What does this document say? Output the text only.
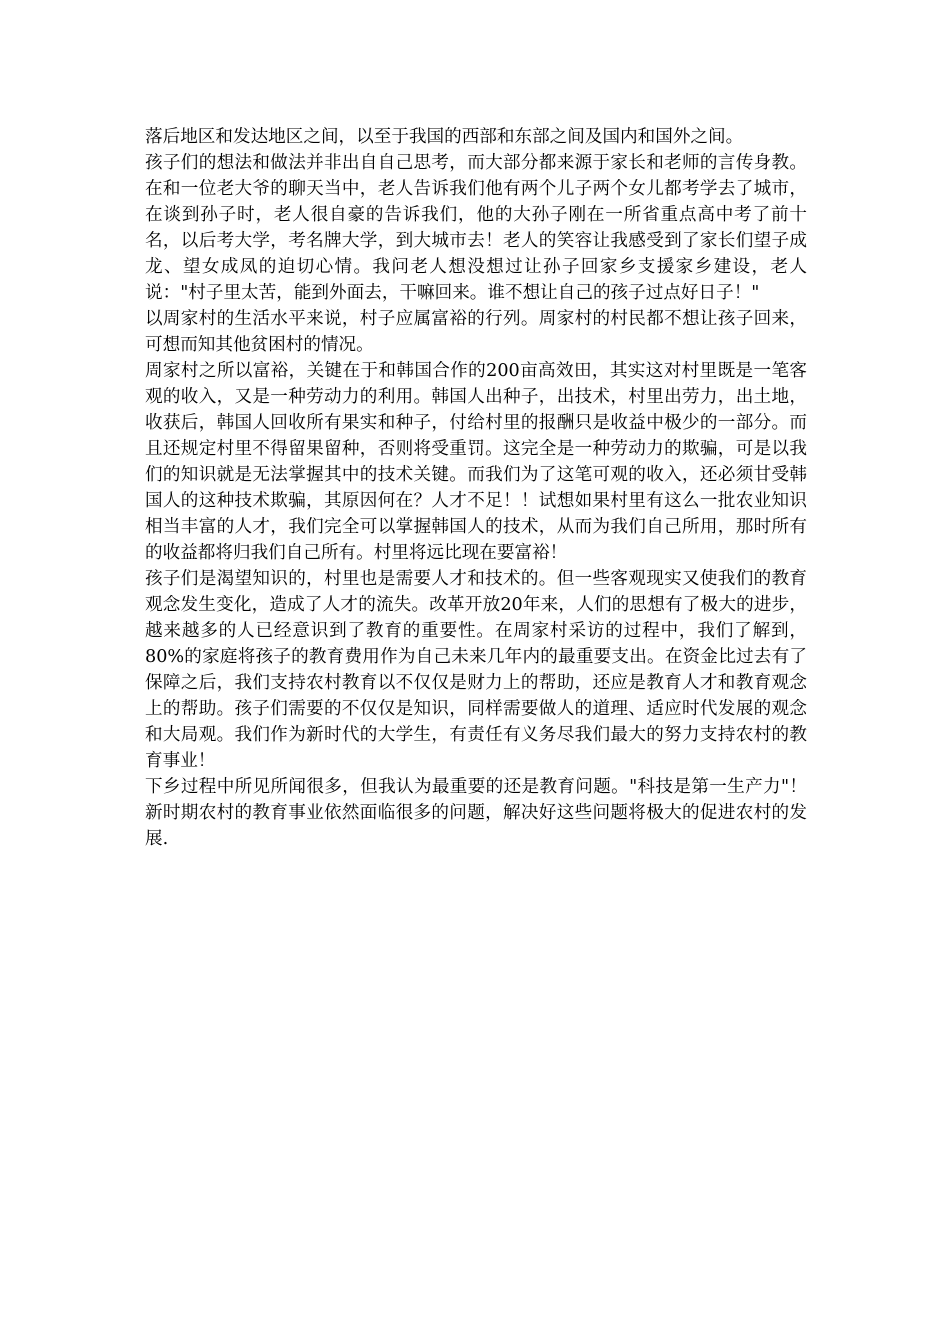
落后地区和发达地区之间，以至于我国的西部和东部之间及国内和国外之间。

孩子们的想法和做法并非出自自己思考，而大部分都来源于家长和老师的言传身教。在和一位老大爷的聊天当中，老人告诉我们他有两个儿子两个女儿都考学去了城市，在谈到孙子时，老人很自豪的告诉我们，他的大孙子刚在一所省重点高中考了前十名，以后考大学，考名牌大学，到大城市去！老人的笑容让我感受到了家长们望子成龙、望女成凤的迫切心情。我问老人想没想过让孙子回家乡支援家乡建设，老人说："村子里太苦，能到外面去，干嘛回来。谁不想让自己的孩子过点好日子！"

以周家村的生活水平来说，村子应属富裕的行列。周家村的村民都不想让孩子回来，可想而知其他贫困村的情况。

周家村之所以富裕，关键在于和韩国合作的200亩高效田，其实这对村里既是一笔客观的收入，又是一种劳动力的利用。韩国人出种子，出技术，村里出劳力，出土地，收获后，韩国人回收所有果实和种子，付给村里的报酬只是收益中极少的一部分。而且还规定村里不得留果留种，否则将受重罚。这完全是一种劳动力的欺骗，可是以我们的知识就是无法掌握其中的技术关键。而我们为了这笔可观的收入，还必须甘受韩国人的这种技术欺骗，其原因何在？人才不足！！试想如果村里有这么一批农业知识相当丰富的人才，我们完全可以掌握韩国人的技术，从而为我们自己所用，那时所有的收益都将归我们自己所有。村里将远比现在要富裕！

孩子们是渴望知识的，村里也是需要人才和技术的。但一些客观现实又使我们的教育观念发生变化，造成了人才的流失。改革开放20年来，人们的思想有了极大的进步，越来越多的人已经意识到了教育的重要性。在周家村采访的过程中，我们了解到，80%的家庭将孩子的教育费用作为自己未来几年内的最重要支出。在资金比过去有了保障之后，我们支持农村教育以不仅仅是财力上的帮助，还应是教育人才和教育观念上的帮助。孩子们需要的不仅仅是知识，同样需要做人的道理、适应时代发展的观念和大局观。我们作为新时代的大学生，有责任有义务尽我们最大的努力支持农村的教育事业！

下乡过程中所见所闻很多，但我认为最重要的还是教育问题。"科技是第一生产力"！新时期农村的教育事业依然面临很多的问题，解决好这些问题将极大的促进农村的发展.
